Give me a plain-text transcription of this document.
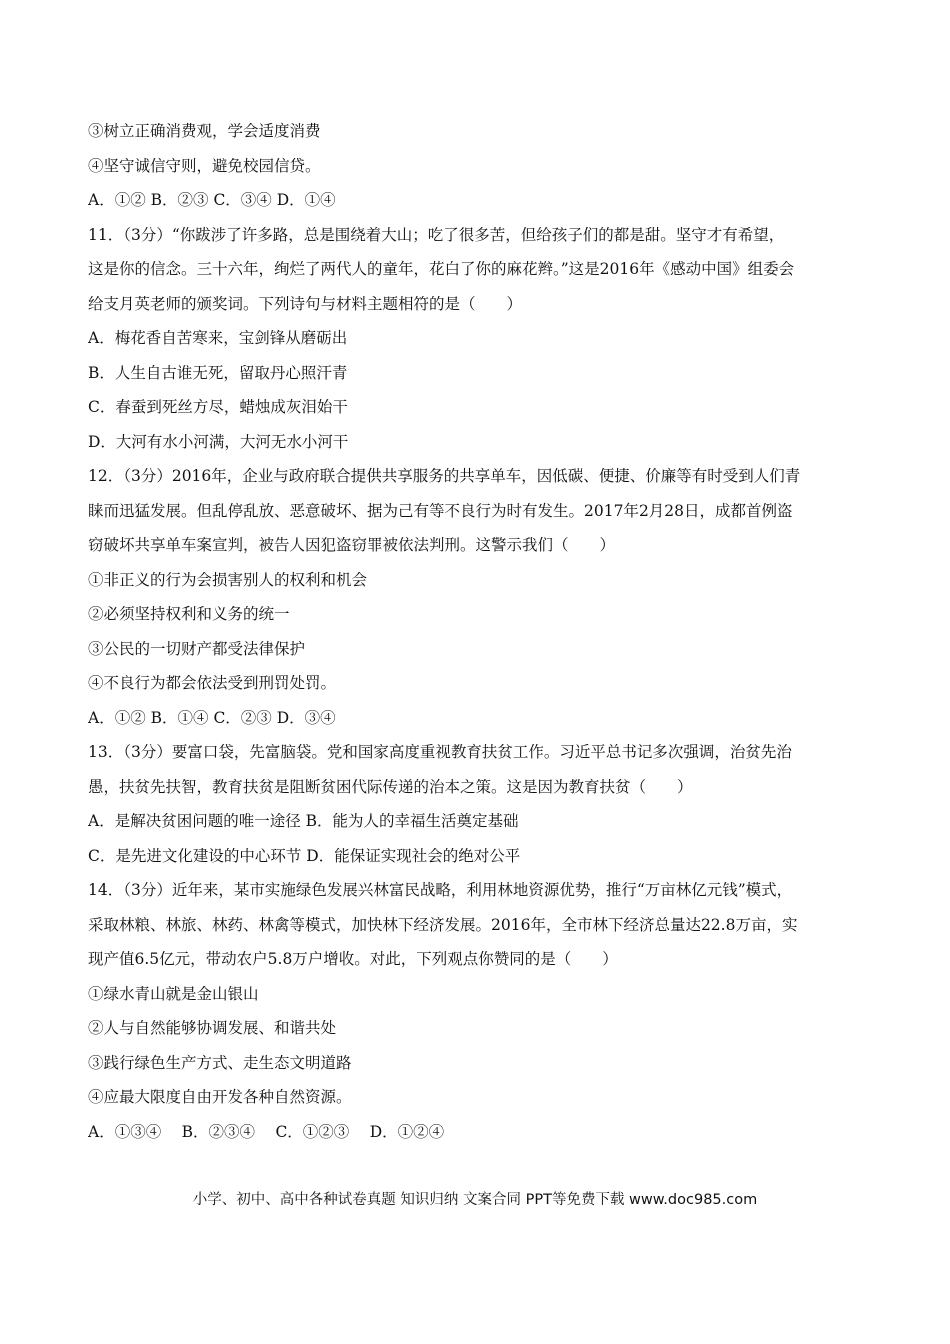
③树立正确消费观，学会适度消费
④坚守诚信守则，避免校园信贷。
A．①② B．②③ C．③④ D．①④
11．（3分）“你跋涉了许多路，总是围绕着大山；吃了很多苦，但给孩子们的都是甜。坚守才有希望，
这是你的信念。三十六年，绚烂了两代人的童年，花白了你的麻花辫。”这是2016年《感动中国》组委会
给支月英老师的颁奖词。下列诗句与材料主题相符的是（　　）
A．梅花香自苦寒来，宝剑锋从磨砺出
B．人生自古谁无死，留取丹心照汗青
C．春蚕到死丝方尽，蜡烛成灰泪始干
D．大河有水小河满，大河无水小河干
12．（3分）2016年，企业与政府联合提供共享服务的共享单车，因低碳、便捷、价廉等有时受到人们青
睐而迅猛发展。但乱停乱放、恶意破坏、据为己有等不良行为时有发生。2017年2月28日，成都首例盗
窃破坏共享单车案宣判，被告人因犯盗窃罪被依法判刑。这警示我们（　　）
①非正义的行为会损害别人的权利和机会
②必须坚持权利和义务的统一
③公民的一切财产都受法律保护
④不良行为都会依法受到刑罚处罚。
A．①② B．①④ C．②③ D．③④
13．（3分）要富口袋，先富脑袋。党和国家高度重视教育扶贫工作。习近平总书记多次强调，治贫先治
愚，扶贫先扶智，教育扶贫是阻断贫困代际传递的治本之策。这是因为教育扶贫（　　）
A．是解决贫困问题的唯一途径 B．能为人的幸福生活奠定基础
C．是先进文化建设的中心环节 D．能保证实现社会的绝对公平
14．（3分）近年来，某市实施绿色发展兴林富民战略，利用林地资源优势，推行“万亩林亿元钱”模式，
采取林粮、林旅、林药、林禽等模式，加快林下经济发展。2016年，全市林下经济总量达22.8万亩，实
现产值6.5亿元，带动农户5.8万户增收。对此，下列观点你赞同的是（　　）
①绿水青山就是金山银山
②人与自然能够协调发展、和谐共处
③践行绿色生产方式、走生态文明道路
④应最大限度自由开发各种自然资源。
A．①③④　 B．②③④　 C．①②③　 D．①②④
小学、初中、高中各种试卷真题 知识归纳 文案合同 PPT等免费下载 www.doc985.com
